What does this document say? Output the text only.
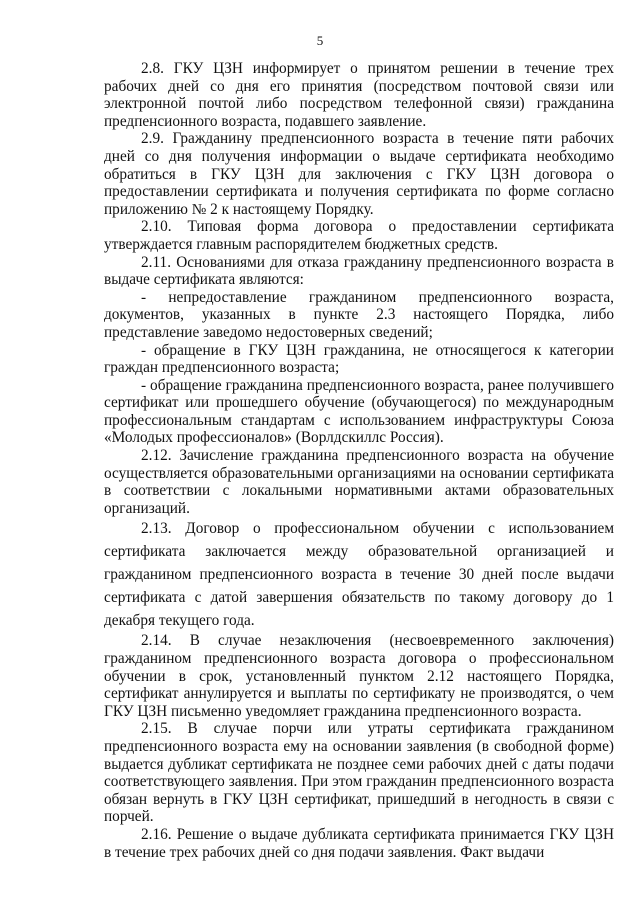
5

2.8. ГКУ ЦЗН информирует о принятом решении в течение трех рабочих дней со дня его принятия (посредством почтовой связи или электронной почтой либо посредством телефонной связи) гражданина предпенсионного возраста, подавшего заявление.

2.9. Гражданину предпенсионного возраста в течение пяти рабочих дней со дня получения информации о выдаче сертификата необходимо обратиться в ГКУ ЦЗН для заключения с ГКУ ЦЗН договора о предоставлении сертификата и получения сертификата по форме согласно приложению № 2 к настоящему Порядку.

2.10. Типовая форма договора о предоставлении сертификата утверждается главным распорядителем бюджетных средств.

2.11. Основаниями для отказа гражданину предпенсионного возраста в выдаче сертификата являются:

- непредоставление гражданином предпенсионного возраста, документов, указанных в пункте 2.3 настоящего Порядка, либо представление заведомо недостоверных сведений;

- обращение в ГКУ ЦЗН гражданина, не относящегося к категории граждан предпенсионного возраста;

- обращение гражданина предпенсионного возраста, ранее получившего сертификат или прошедшего обучение (обучающегося) по международным профессиональным стандартам с использованием инфраструктуры Союза «Молодых профессионалов» (Ворлдскиллс Россия).

2.12. Зачисление гражданина предпенсионного возраста на обучение осуществляется образовательными организациями на основании сертификата в соответствии с локальными нормативными актами образовательных организаций.

2.13. Договор о профессиональном обучении с использованием сертификата заключается между образовательной организацией и гражданином предпенсионного возраста в течение 30 дней после выдачи сертификата с датой завершения обязательств по такому договору до 1 декабря текущего года.

2.14. В случае незаключения (несвоевременного заключения) гражданином предпенсионного возраста договора о профессиональном обучении в срок, установленный пунктом 2.12 настоящего Порядка, сертификат аннулируется и выплаты по сертификату не производятся, о чем ГКУ ЦЗН письменно уведомляет гражданина предпенсионного возраста.

2.15. В случае порчи или утраты сертификата гражданином предпенсионного возраста ему на основании заявления (в свободной форме) выдается дубликат сертификата не позднее семи рабочих дней с даты подачи соответствующего заявления. При этом гражданин предпенсионного возраста обязан вернуть в ГКУ ЦЗН сертификат, пришедший в негодность в связи с порчей.

2.16. Решение о выдаче дубликата сертификата принимается ГКУ ЦЗН в течение трех рабочих дней со дня подачи заявления. Факт выдачи
